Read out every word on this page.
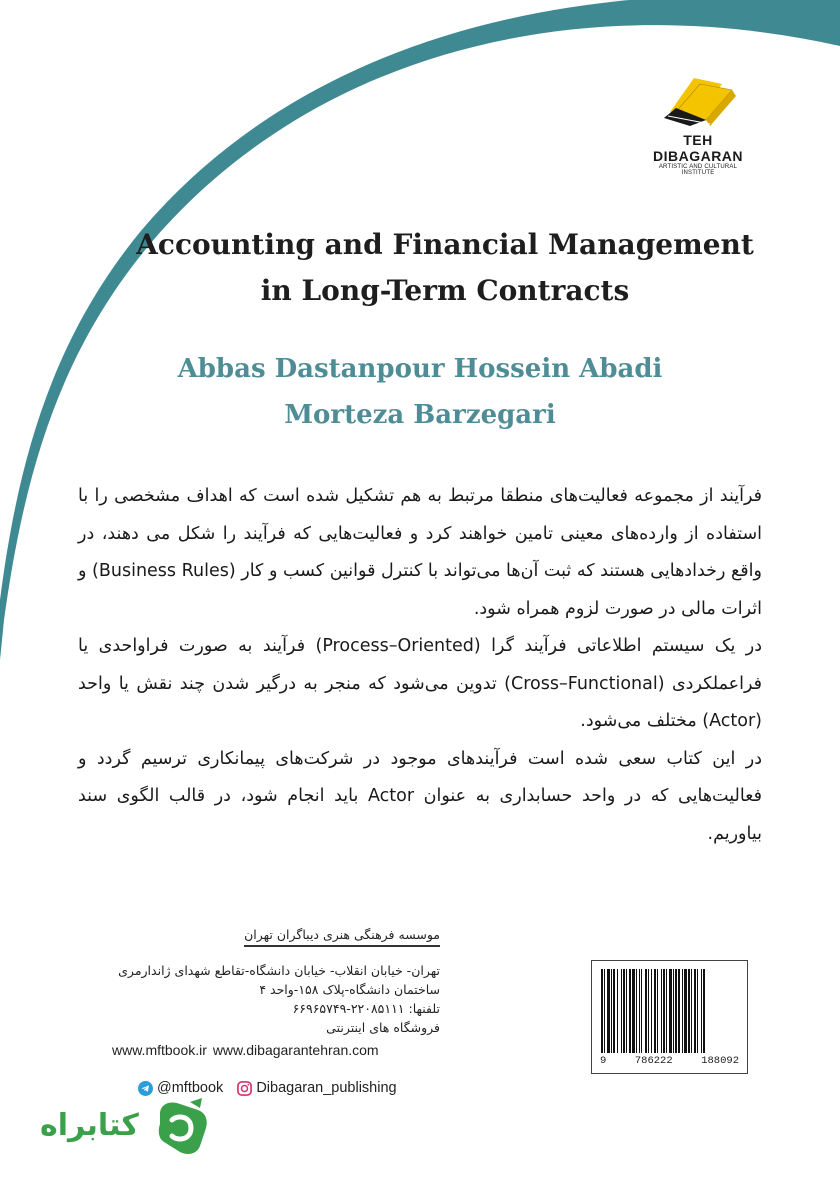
TEH DIBAGARAN
ARTISTIC AND CULTURAL INSTITUTE
Accounting and Financial Management
in Long-Term Contracts
Abbas Dastanpour Hossein Abadi
Morteza Barzegari

فرآیند از مجموعه فعالیت‌های منطقا مرتبط به هم تشکیل شده است که اهداف مشخصی را با استفاده از وارده‌های معینی تامین خواهند کرد و فعالیت‌هایی که فرآیند را شکل می دهند، در واقع رخدادهایی هستند که ثبت آن‌ها می‌تواند با کنترل قوانین کسب و کار (Business Rules) و اثرات مالی در صورت لزوم همراه شود.

در یک سیستم اطلاعاتی فرآیند گرا (Process–Oriented) فرآیند به صورت فراواحدی یا فراعملکردی (Cross–Functional) تدوین می‌شود که منجر به درگیر شدن چند نقش یا واحد (Actor) مختلف می‌شود.

در این کتاب سعی شده است فرآیندهای موجود در شرکت‌های پیمانکاری ترسیم گردد و فعالیت‌هایی که در واحد حسابداری به عنوان Actor باید انجام شود، در قالب الگوی سند بیاوریم.

موسسه فرهنگی هنری دیباگران تهران
تهران- خیابان انقلاب- خیابان دانشگاه-تقاطع شهدای ژاندارمری
ساختمان دانشگاه-پلاک ۱۵۸-واحد ۴
تلفنها: ۲۲۰۸۵۱۱۱-۶۶۹۶۵۷۴۹
فروشگاه های اینترنتی
www.mftbook.ir www.dibagarantehran.com
@mftbook Dibagaran_publishing
9	786222	188092
کتابراه
